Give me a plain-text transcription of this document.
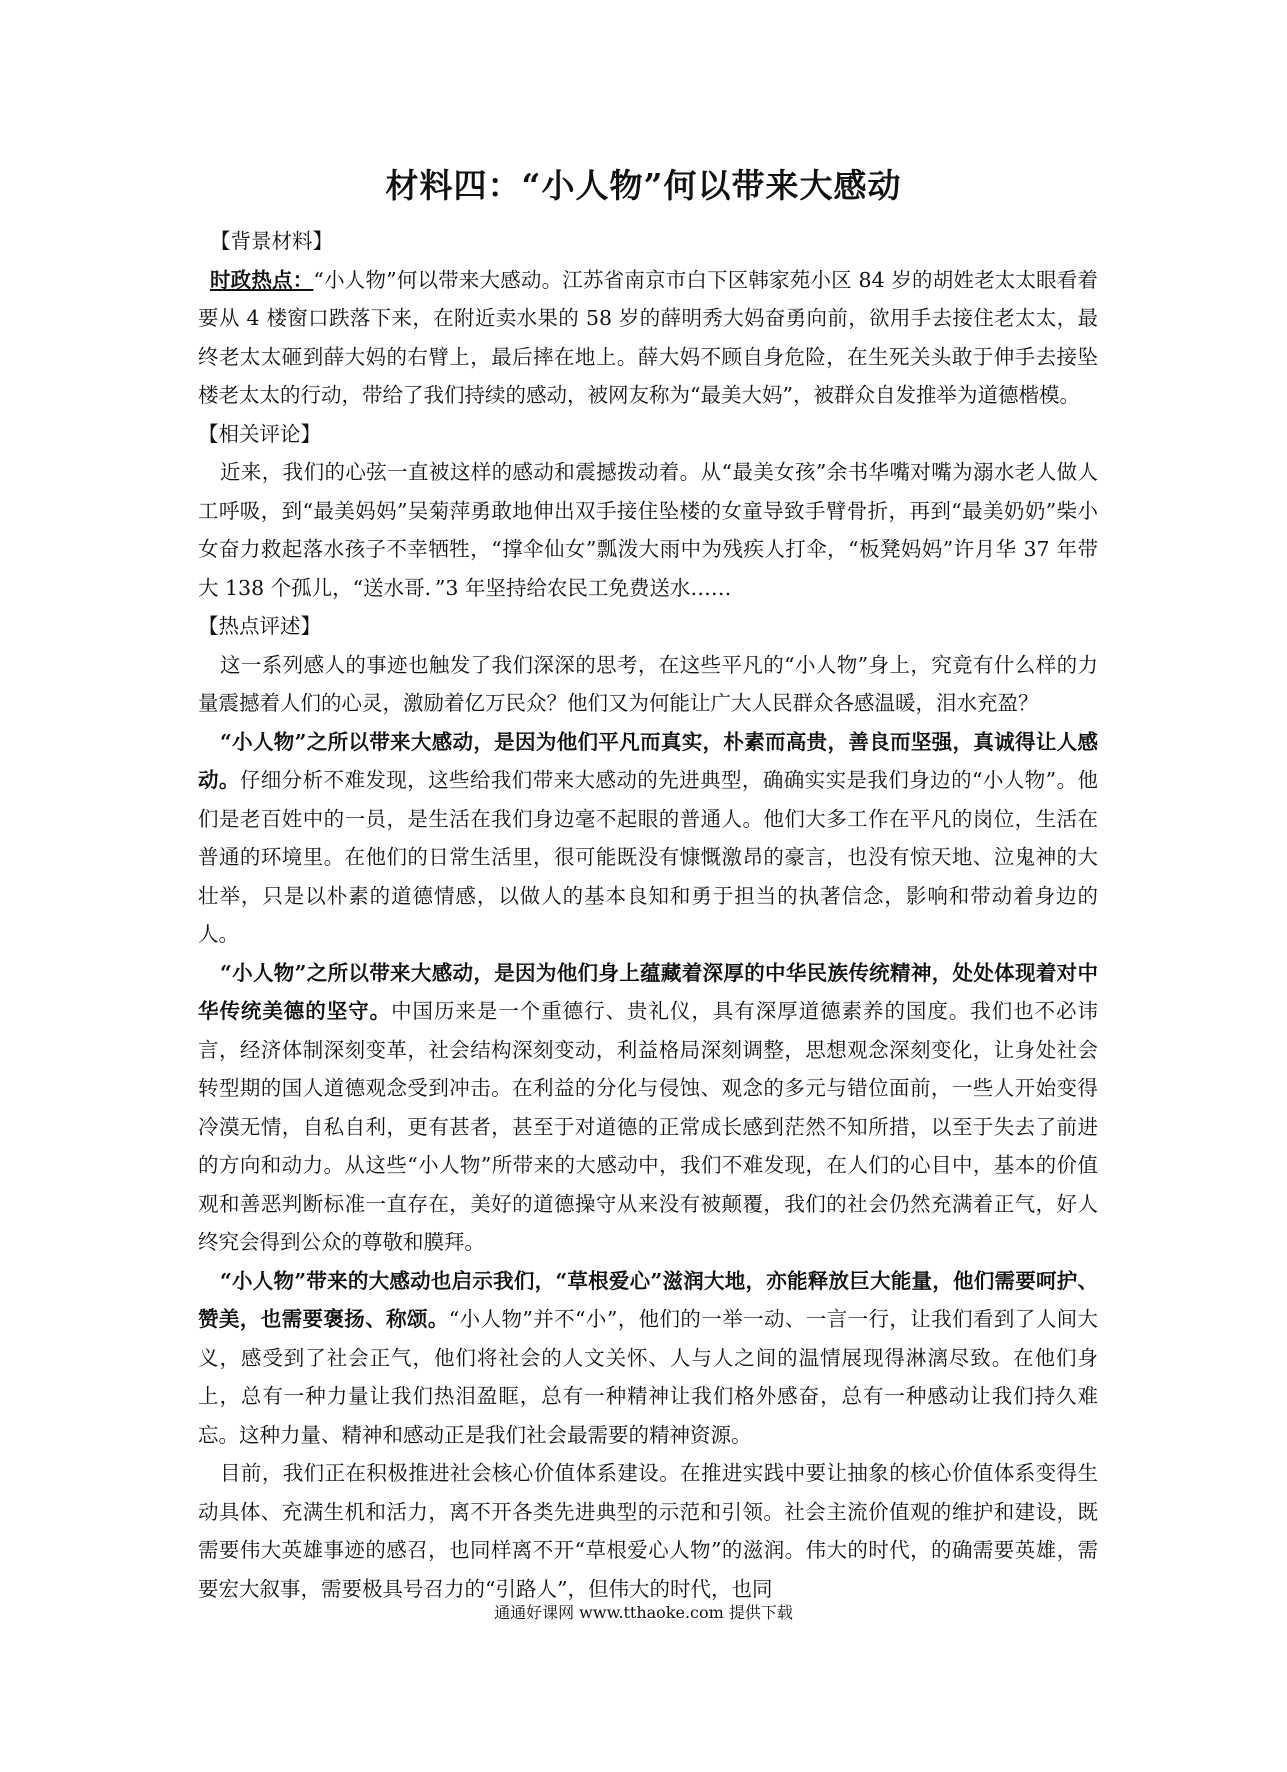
材料四：“小人物”何以带来大感动

【背景材料】

时政热点：“小人物”何以带来大感动。江苏省南京市白下区韩家苑小区 84 岁的胡姓老太太眼看着要从 4 楼窗口跌落下来，在附近卖水果的 58 岁的薛明秀大妈奋勇向前，欲用手去接住老太太，最终老太太砸到薛大妈的右臂上，最后摔在地上。薛大妈不顾自身危险，在生死关头敢于伸手去接坠楼老太太的行动，带给了我们持续的感动，被网友称为“最美大妈”，被群众自发推举为道德楷模。

【相关评论】

近来，我们的心弦一直被这样的感动和震撼拨动着。从“最美女孩”余书华嘴对嘴为溺水老人做人工呼吸，到“最美妈妈”吴菊萍勇敢地伸出双手接住坠楼的女童导致手臂骨折，再到“最美奶奶”柴小女奋力救起落水孩子不幸牺牲，“撑伞仙女”瓢泼大雨中为残疾人打伞，“板凳妈妈”许月华 37 年带大 138 个孤儿，“送水哥．”3 年坚持给农民工免费送水……

【热点评述】

这一系列感人的事迹也触发了我们深深的思考，在这些平凡的“小人物”身上，究竟有什么样的力量震撼着人们的心灵，激励着亿万民众？他们又为何能让广大人民群众各感温暖，泪水充盈？

“小人物”之所以带来大感动，是因为他们平凡而真实，朴素而高贵，善良而坚强，真诚得让人感动。仔细分析不难发现，这些给我们带来大感动的先进典型，确确实实是我们身边的“小人物”。他们是老百姓中的一员，是生活在我们身边毫不起眼的普通人。他们大多工作在平凡的岗位，生活在普通的环境里。在他们的日常生活里，很可能既没有慷慨激昂的豪言，也没有惊天地、泣鬼神的大壮举，只是以朴素的道德情感，以做人的基本良知和勇于担当的执著信念，影响和带动着身边的人。

“小人物”之所以带来大感动，是因为他们身上蕴藏着深厚的中华民族传统精神，处处体现着对中华传统美德的坚守。中国历来是一个重德行、贵礼仪，具有深厚道德素养的国度。我们也不必讳言，经济体制深刻变革，社会结构深刻变动，利益格局深刻调整，思想观念深刻变化，让身处社会转型期的国人道德观念受到冲击。在利益的分化与侵蚀、观念的多元与错位面前，一些人开始变得冷漠无情，自私自利，更有甚者，甚至于对道德的正常成长感到茫然不知所措，以至于失去了前进的方向和动力。从这些“小人物”所带来的大感动中，我们不难发现，在人们的心目中，基本的价值观和善恶判断标准一直存在，美好的道德操守从来没有被颠覆，我们的社会仍然充满着正气，好人终究会得到公众的尊敬和膜拜。

“小人物”带来的大感动也启示我们，“草根爱心”滋润大地，亦能释放巨大能量，他们需要呵护、赞美，也需要褒扬、称颂。“小人物”并不“小”，他们的一举一动、一言一行，让我们看到了人间大义，感受到了社会正气，他们将社会的人文关怀、人与人之间的温情展现得淋漓尽致。在他们身上，总有一种力量让我们热泪盈眶，总有一种精神让我们格外感奋，总有一种感动让我们持久难忘。这种力量、精神和感动正是我们社会最需要的精神资源。

目前，我们正在积极推进社会核心价值体系建设。在推进实践中要让抽象的核心价值体系变得生动具体、充满生机和活力，离不开各类先进典型的示范和引领。社会主流价值观的维护和建设，既需要伟大英雄事迹的感召，也同样离不开“草根爱心人物”的滋润。伟大的时代，的确需要英雄，需要宏大叙事，需要极具号召力的“引路人”，但伟大的时代，也同

通通好课网 www.tthaoke.com 提供下载
